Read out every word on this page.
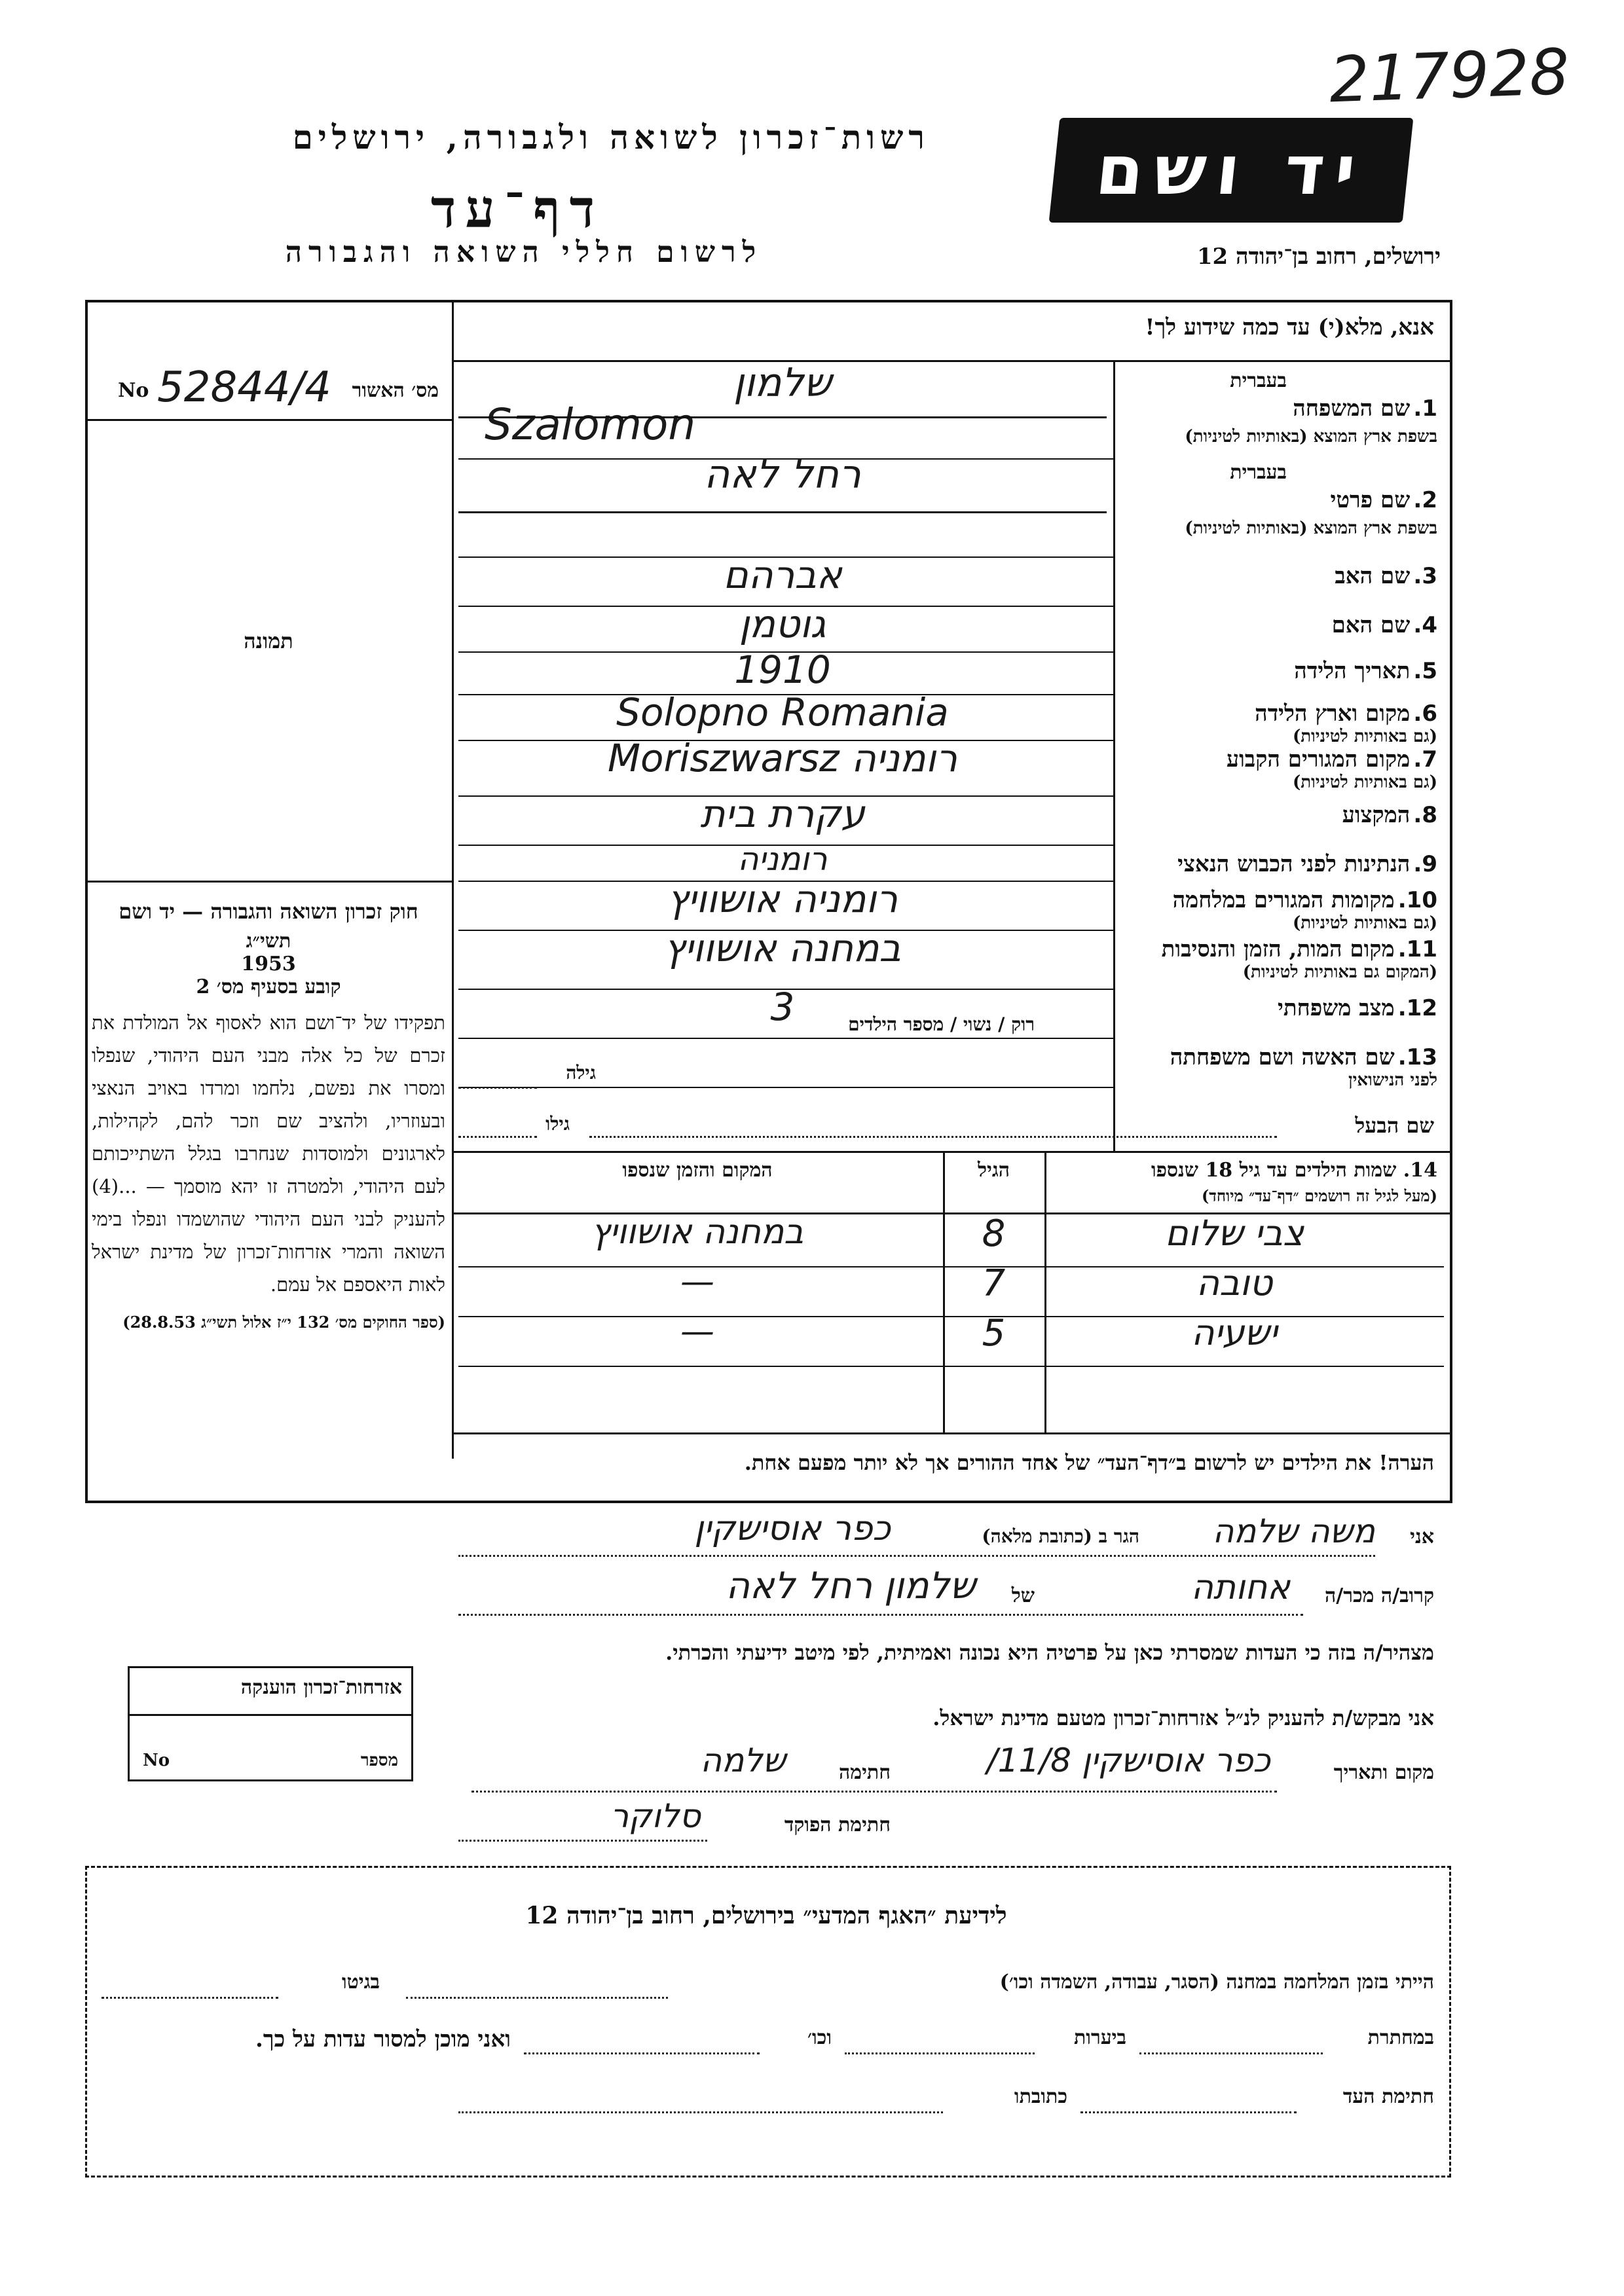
217928
רשות־זכרון לשואה ולגבורה, ירושלים
דף־עד
לרשום חללי השואה והגבורה
יד ושם
ירושלים, רחוב בן־יהודה 12
אנא, מלא(י) עד כמה שידוע לך!
מס׳ האשור
No 52844/4
תמונה
חוק זכרון השואה והגבורה — יד ושם
תשי״ג
1953
קובע בסעיף מס׳ 2
תפקידו של יד־ושם הוא לאסוף אל המולדת את זכרם של כל אלה מבני העם היהודי, שנפלו ומסרו את נפשם, נלחמו ומרדו באויב הנאצי ובעוזריו, ולהציב שם וזכר להם, לקהילות, לארגונים ולמוסדות שנחרבו בגלל השתייכותם לעם היהודי, ולמטרה זו יהא מוסמך — ...(4) להעניק לבני העם היהודי שהושמדו ונפלו בימי השואה והמרי אזרחות־זכרון של מדינת ישראל לאות היאספם אל עמם.
(ספר החוקים מס׳ 132 י״ז אלול תשי״ג 28.8.53)
1. שם המשפחה
בעברית
בשפת ארץ המוצא (באותיות לטיניות)
שלמון
Szalomon
2. שם פרטי
בעברית
בשפת ארץ המוצא (באותיות לטיניות)
רחל לאה
3. שם האב
אברהם
4. שם האם
גוטמן
5. תאריך הלידה
1910
6. מקום וארץ הלידה
(גם באותיות לטיניות)
Solopno Romania
7. מקום המגורים הקבוע
(גם באותיות לטיניות)
רומניה Moriszwarsz
8. המקצוע
עקרת בית
9. הנתינות לפני הכבוש הנאצי
רומניה
10. מקומות המגורים במלחמה
(גם באותיות לטיניות)
רומניה אושוויץ
11. מקום המות, הזמן והנסיבות
(המקום גם באותיות לטיניות)
במחנה אושוויץ
12. מצב משפחתי
3
13. שם האשה ושם משפחתה
לפני הנישואין
רוק / נשוי / מספר הילדים
גילה
שם הבעל
גילו
14. שמות הילדים עד גיל 18 שנספו
(מעל לגיל זה רושמים ״דף־עד״ מיוחד)
הגיל
המקום והזמן שנספו
צבי שלום
8
במחנה אושוויץ
טובה
7
—
ישעיה
5
—
הערה! את הילדים יש לרשום ב״דף־העד״ של אחד ההורים אך לא יותר מפעם אחת.
אני
משה שלמה
הגר ב (כתובת מלאה)
כפר אוסישקין
קרוב/ה מכר/ה
אחותה
של
שלמון רחל לאה
מצהיר/ה בזה כי העדות שמסרתי כאן על פרטיה היא נכונה ואמיתית, לפי מיטב ידיעתי והכרתי.
אני מבקש/ת להעניק לנ״ל אזרחות־זכרון מטעם מדינת ישראל.
מקום ותאריך
כפר אוסישקין 11/8/
חתימה
שלמה
חתימת הפוקד
סלוקר
אזרחות־זכרון הוענקה
מספר
No
לידיעת ״האגף המדעי״ בירושלים, רחוב בן־יהודה 12
הייתי בזמן המלחמה במחנה (הסגר, עבודה, השמדה וכו׳)
בגיטו
במחתרת
ביערות
וכו׳
ואני מוכן למסור עדות על כך.
חתימת העד
כתובתו
